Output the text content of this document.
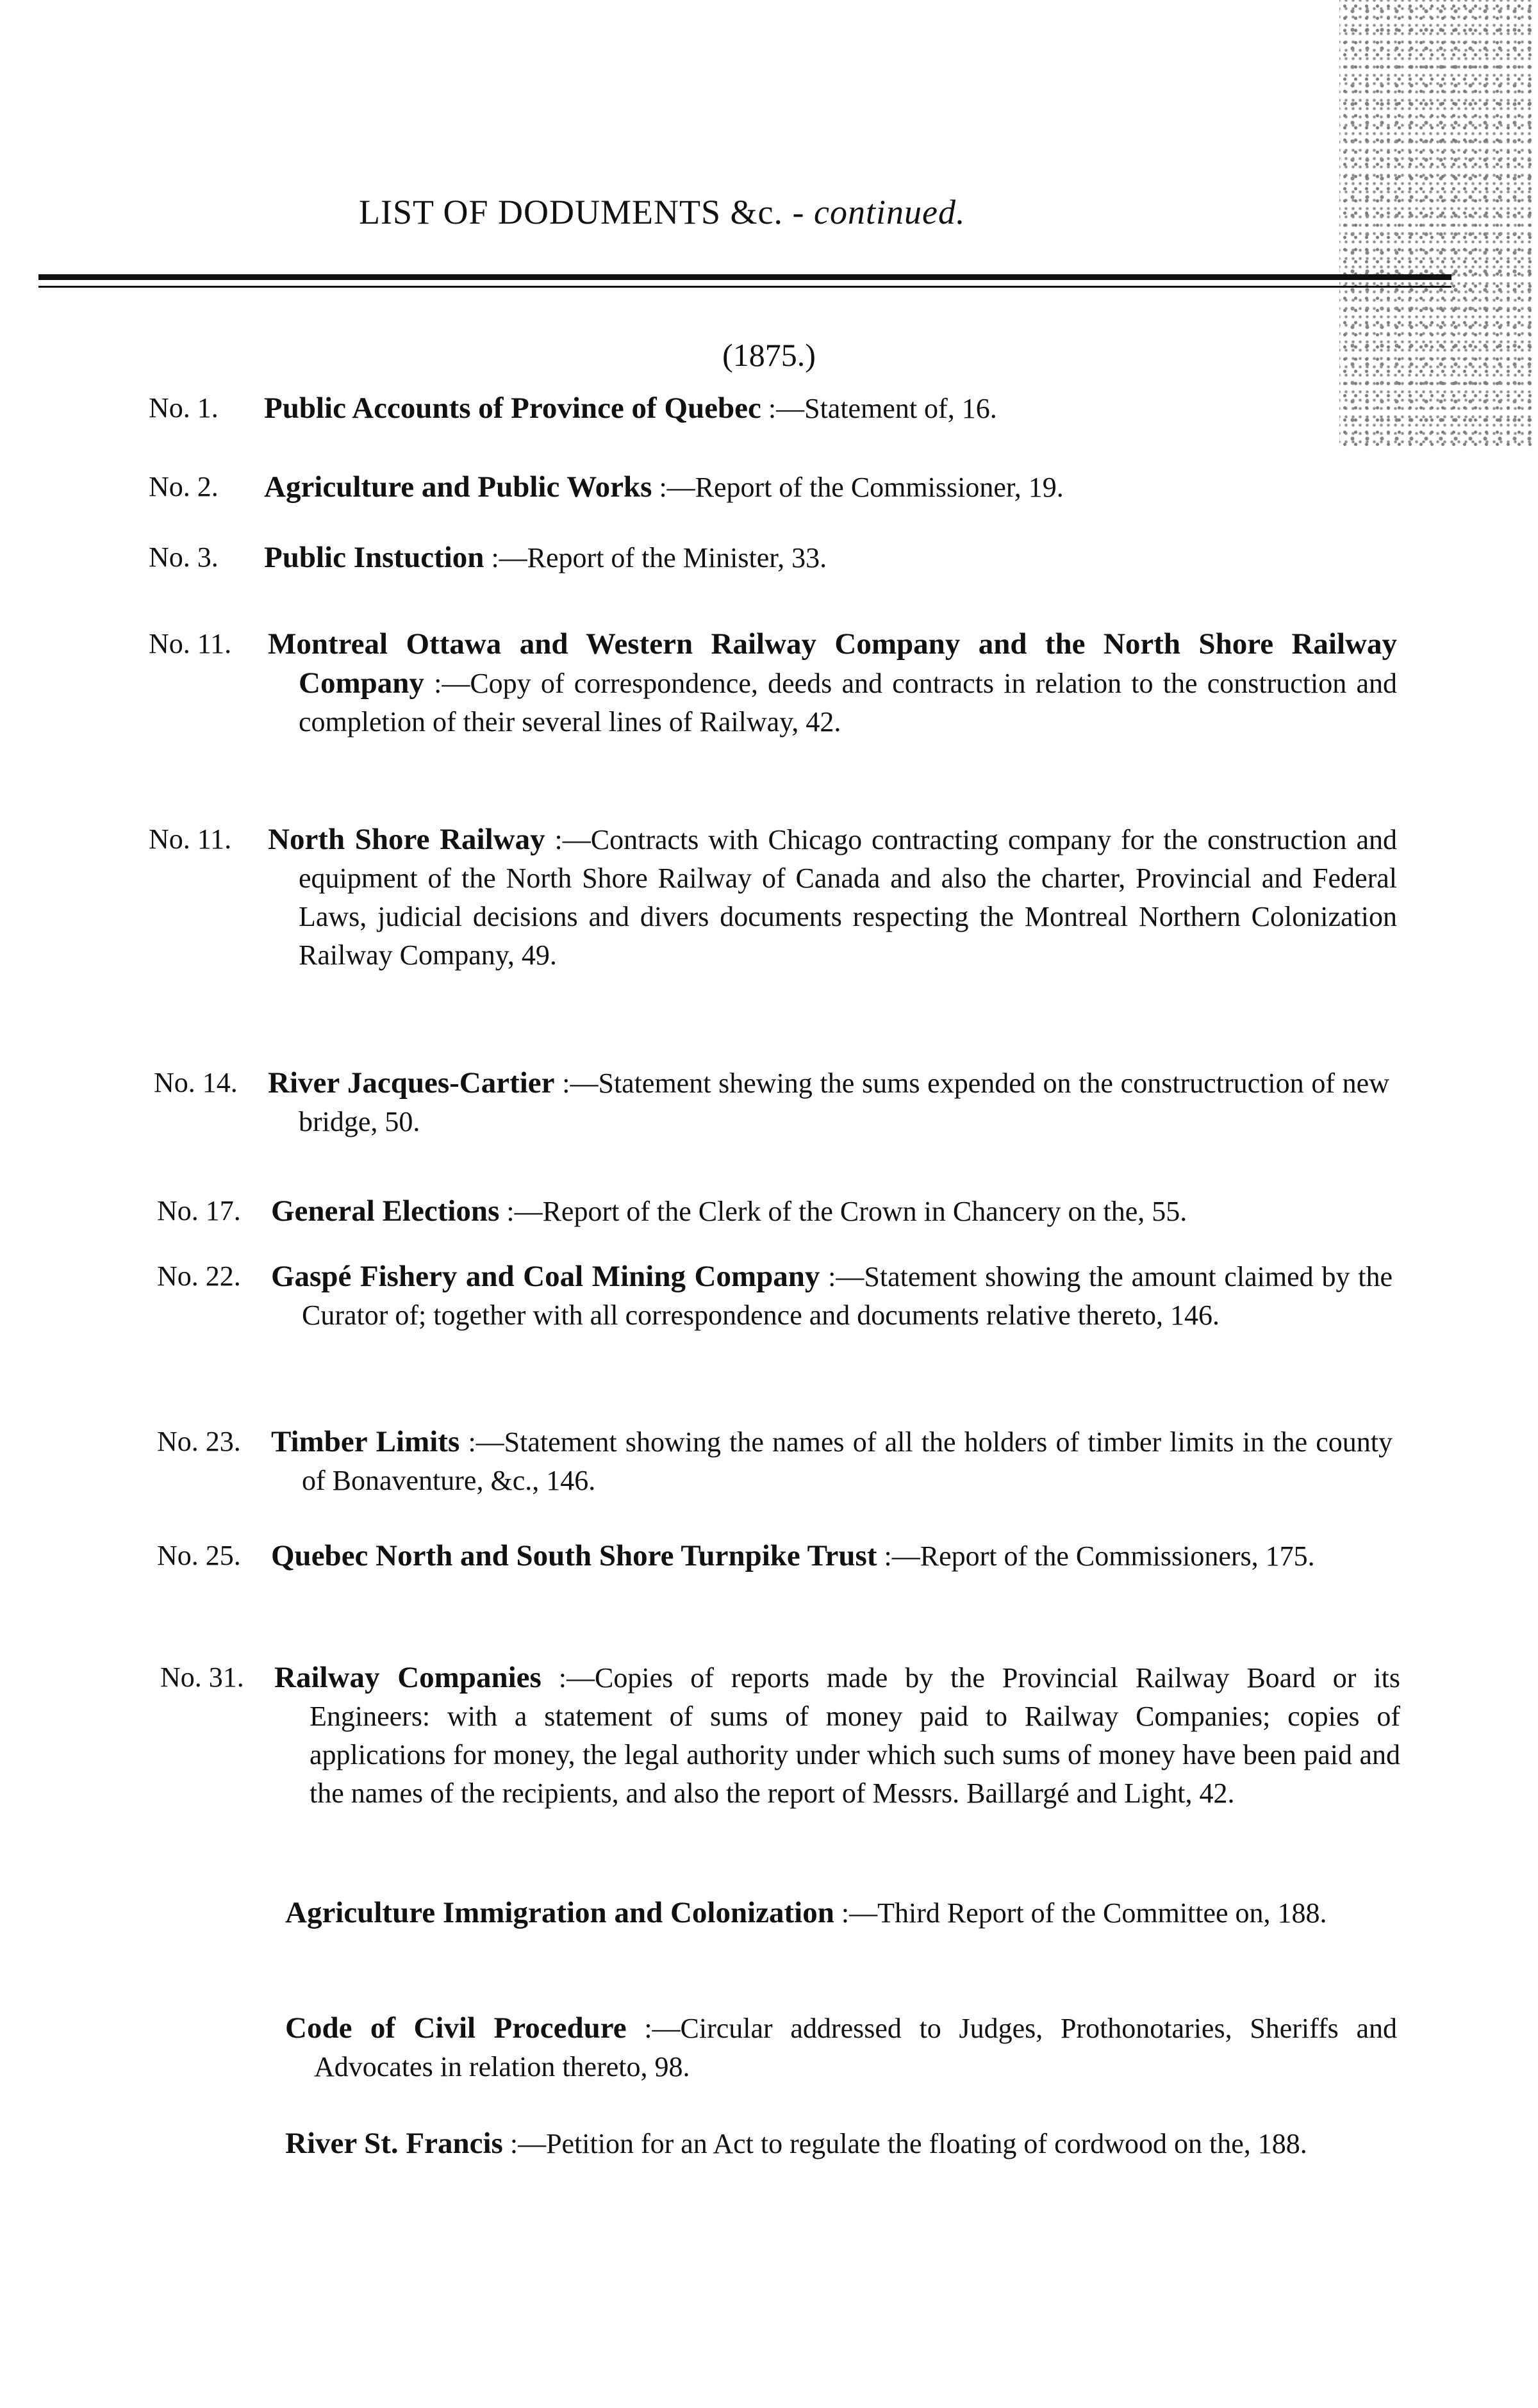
LIST OF DODUMENTS &c. - continued.
(1875.)
No. 1. Public Accounts of Province of Quebec :—Statement of, 16.
No. 2. Agriculture and Public Works :—Report of the Commissioner, 19.
No. 3. Public Instuction :—Report of the Minister, 33.
No. 11. Montreal Ottawa and Western Railway Company and the North Shore Railway Company :—Copy of correspondence, deeds and contracts in relation to the construction and completion of their several lines of Railway, 42.
No. 11. North Shore Railway :—Contracts with Chicago contracting company for the construction and equipment of the North Shore Railway of Canada and also the charter, Provincial and Federal Laws, judicial decisions and divers documents respecting the Montreal Northern Colonization Railway Company, 49.
No. 14. River Jacques-Cartier :—Statement shewing the sums expended on the constructruction of new bridge, 50.
No. 17. General Elections :—Report of the Clerk of the Crown in Chancery on the, 55.
No. 22. Gaspé Fishery and Coal Mining Company :—Statement showing the amount claimed by the Curator of; together with all correspondence and documents relative thereto, 146.
No. 23. Timber Limits :—Statement showing the names of all the holders of timber limits in the county of Bonaventure, &c., 146.
No. 25. Quebec North and South Shore Turnpike Trust :—Report of the Commissioners, 175.
No. 31. Railway Companies :—Copies of reports made by the Provincial Railway Board or its Engineers: with a statement of sums of money paid to Railway Companies; copies of applications for money, the legal authority under which such sums of money have been paid and the names of the recipients, and also the report of Messrs. Baillargé and Light, 42.
Agriculture Immigration and Colonization :—Third Report of the Committee on, 188.
Code of Civil Procedure :—Circular addressed to Judges, Prothonotaries, Sheriffs and Advocates in relation thereto, 98.
River St. Francis :—Petition for an Act to regulate the floating of cordwood on the, 188.
